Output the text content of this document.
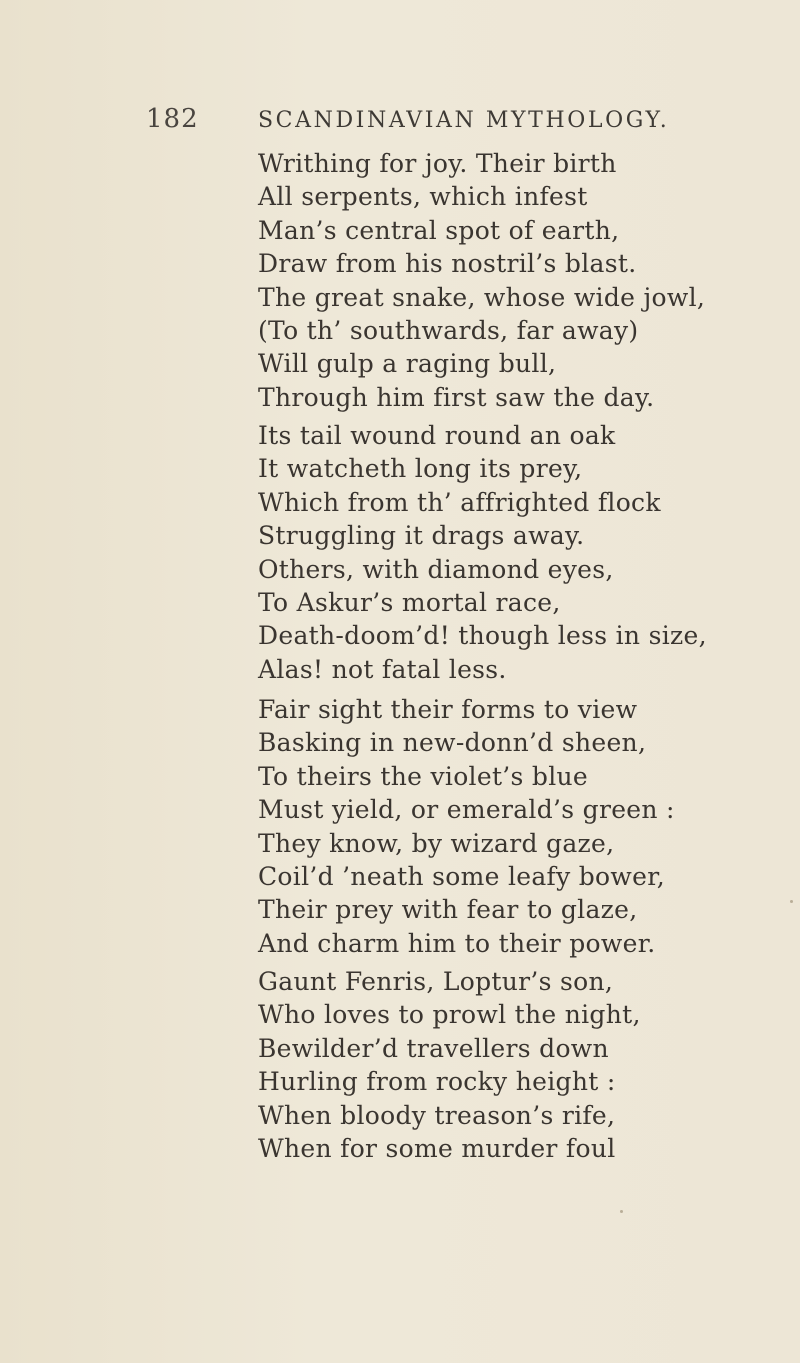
182	SCANDINAVIAN MYTHOLOGY.
Writhing for joy. Their birth
All serpents, which infest
Man’s central spot of earth,
Draw from his nostril’s blast.
The great snake, whose wide jowl,
(To th’ southwards, far away)
Will gulp a raging bull,
Through him first saw the day.
Its tail wound round an oak
It watcheth long its prey,
Which from th’ affrighted flock
Struggling it drags away.
Others, with diamond eyes,
To Askur’s mortal race,
Death-doom’d! though less in size,
Alas! not fatal less.
Fair sight their forms to view
Basking in new-donn’d sheen,
To theirs the violet’s blue
Must yield, or emerald’s green :
They know, by wizard gaze,
Coil’d ’neath some leafy bower,
Their prey with fear to glaze,
And charm him to their power.
Gaunt Fenris, Loptur’s son,
Who loves to prowl the night,
Bewilder’d travellers down
Hurling from rocky height :
When bloody treason’s rife,
When for some murder foul
